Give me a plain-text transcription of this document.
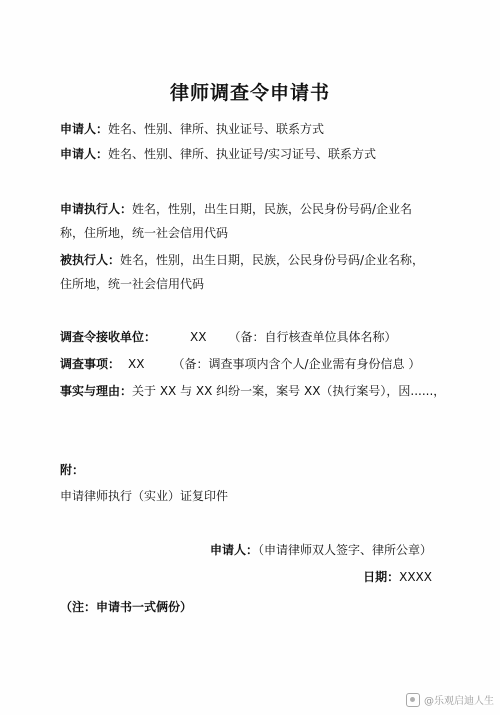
律师调查令申请书
申请人：姓名、性别、律所、执业证号、联系方式
申请人：姓名、性别、律所、执业证号/实习证号、联系方式
申请执行人：姓名，性别，出生日期，民族，公民身份号码/企业名
称，住所地，统一社会信用代码
被执行人：姓名，性别，出生日期，民族，公民身份号码/企业名称，
住所地，统一社会信用代码
调查令接收单位：	XX （备：自行核查单位具体名称）
调查事项： XX （备：调查事项内含个人/企业需有身份信息 ）
事实与理由：关于 XX 与 XX 纠纷一案，案号 XX（执行案号），因......，
附：
申请律师执行（实业）证复印件
申请人：（申请律师双人签字、律所公章）
日期：XXXX
（注：申请书一式俩份）
@乐观启迪人生
